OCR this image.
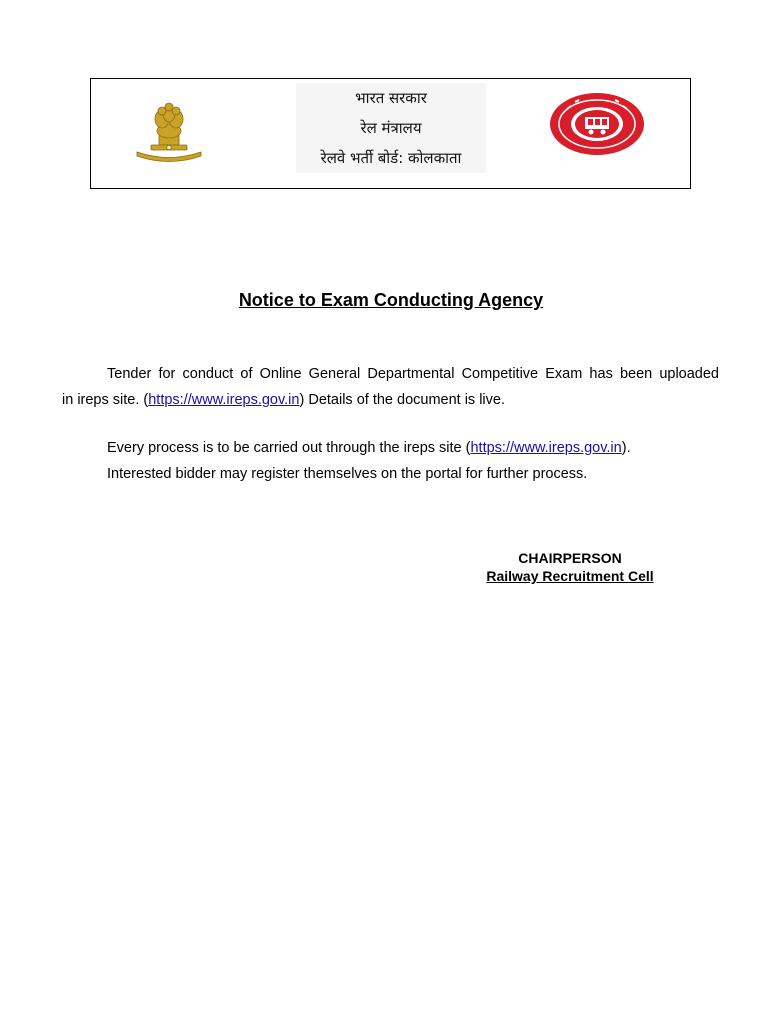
भारत सरकार
रेल मंत्रालय
रेलवे भर्ती बोर्ड: कोलकाता
Notice to Exam Conducting Agency
Tender for conduct of Online General Departmental Competitive Exam has been uploaded
in ireps site. (https://www.ireps.gov.in) Details of the document is live.
Every process is to be carried out through the ireps site (https://www.ireps.gov.in).
Interested bidder may register themselves on the portal for further process.
CHAIRPERSON
Railway Recruitment Cell
